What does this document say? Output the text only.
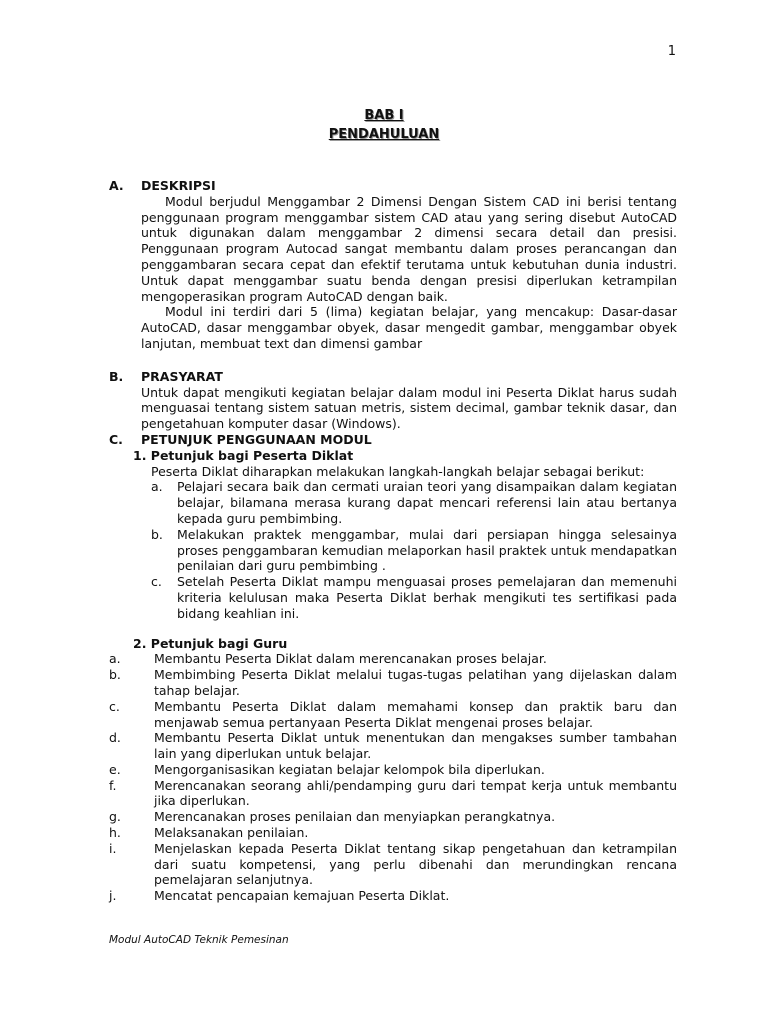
1
BAB I
PENDAHULUAN
A.	DESKRIPSI
Modul berjudul Menggambar 2 Dimensi Dengan Sistem CAD ini berisi tentang penggunaan program menggambar sistem CAD atau yang sering disebut AutoCAD untuk digunakan dalam menggambar 2 dimensi secara detail dan presisi. Penggunaan program Autocad sangat membantu dalam proses perancangan dan penggambaran secara cepat dan efektif terutama untuk kebutuhan dunia industri. Untuk dapat menggambar suatu benda dengan presisi diperlukan ketrampilan mengoperasikan program AutoCAD dengan baik.
Modul ini terdiri dari 5 (lima) kegiatan belajar, yang mencakup: Dasar-dasar AutoCAD, dasar menggambar obyek, dasar mengedit gambar, menggambar obyek lanjutan, membuat text dan dimensi gambar
B.	PRASYARAT
Untuk dapat mengikuti kegiatan belajar dalam modul ini Peserta Diklat harus sudah menguasai tentang sistem satuan metris, sistem decimal, gambar teknik dasar, dan pengetahuan komputer dasar (Windows).
C.	PETUNJUK PENGGUNAAN MODUL
1. Petunjuk bagi Peserta Diklat
Peserta Diklat diharapkan melakukan langkah-langkah belajar sebagai berikut:
a.	Pelajari secara baik dan cermati uraian teori yang disampaikan dalam kegiatan belajar, bilamana merasa kurang dapat mencari referensi lain atau bertanya kepada guru pembimbing.
b.	Melakukan praktek menggambar, mulai dari persiapan hingga selesainya proses penggambaran kemudian melaporkan hasil praktek untuk mendapatkan penilaian dari guru pembimbing .
c.	Setelah Peserta Diklat mampu menguasai proses pemelajaran dan memenuhi kriteria kelulusan maka Peserta Diklat berhak mengikuti tes sertifikasi pada bidang keahlian ini.
2. Petunjuk bagi Guru
a.	Membantu Peserta Diklat dalam merencanakan proses belajar.
b.	Membimbing Peserta Diklat melalui tugas-tugas pelatihan yang dijelaskan dalam tahap belajar.
c.	Membantu Peserta Diklat dalam memahami konsep dan praktik baru dan menjawab semua pertanyaan Peserta Diklat mengenai proses belajar.
d.	Membantu Peserta Diklat untuk menentukan dan mengakses sumber tambahan lain yang diperlukan untuk belajar.
e.	Mengorganisasikan kegiatan belajar kelompok bila diperlukan.
f.	Merencanakan seorang ahli/pendamping guru dari tempat kerja untuk membantu jika diperlukan.
g.	Merencanakan proses penilaian dan menyiapkan perangkatnya.
h.	Melaksanakan penilaian.
i.	Menjelaskan kepada Peserta Diklat tentang sikap pengetahuan dan ketrampilan dari suatu kompetensi, yang perlu dibenahi dan merundingkan rencana pemelajaran selanjutnya.
j.	Mencatat pencapaian kemajuan Peserta Diklat.
Modul AutoCAD Teknik Pemesinan
